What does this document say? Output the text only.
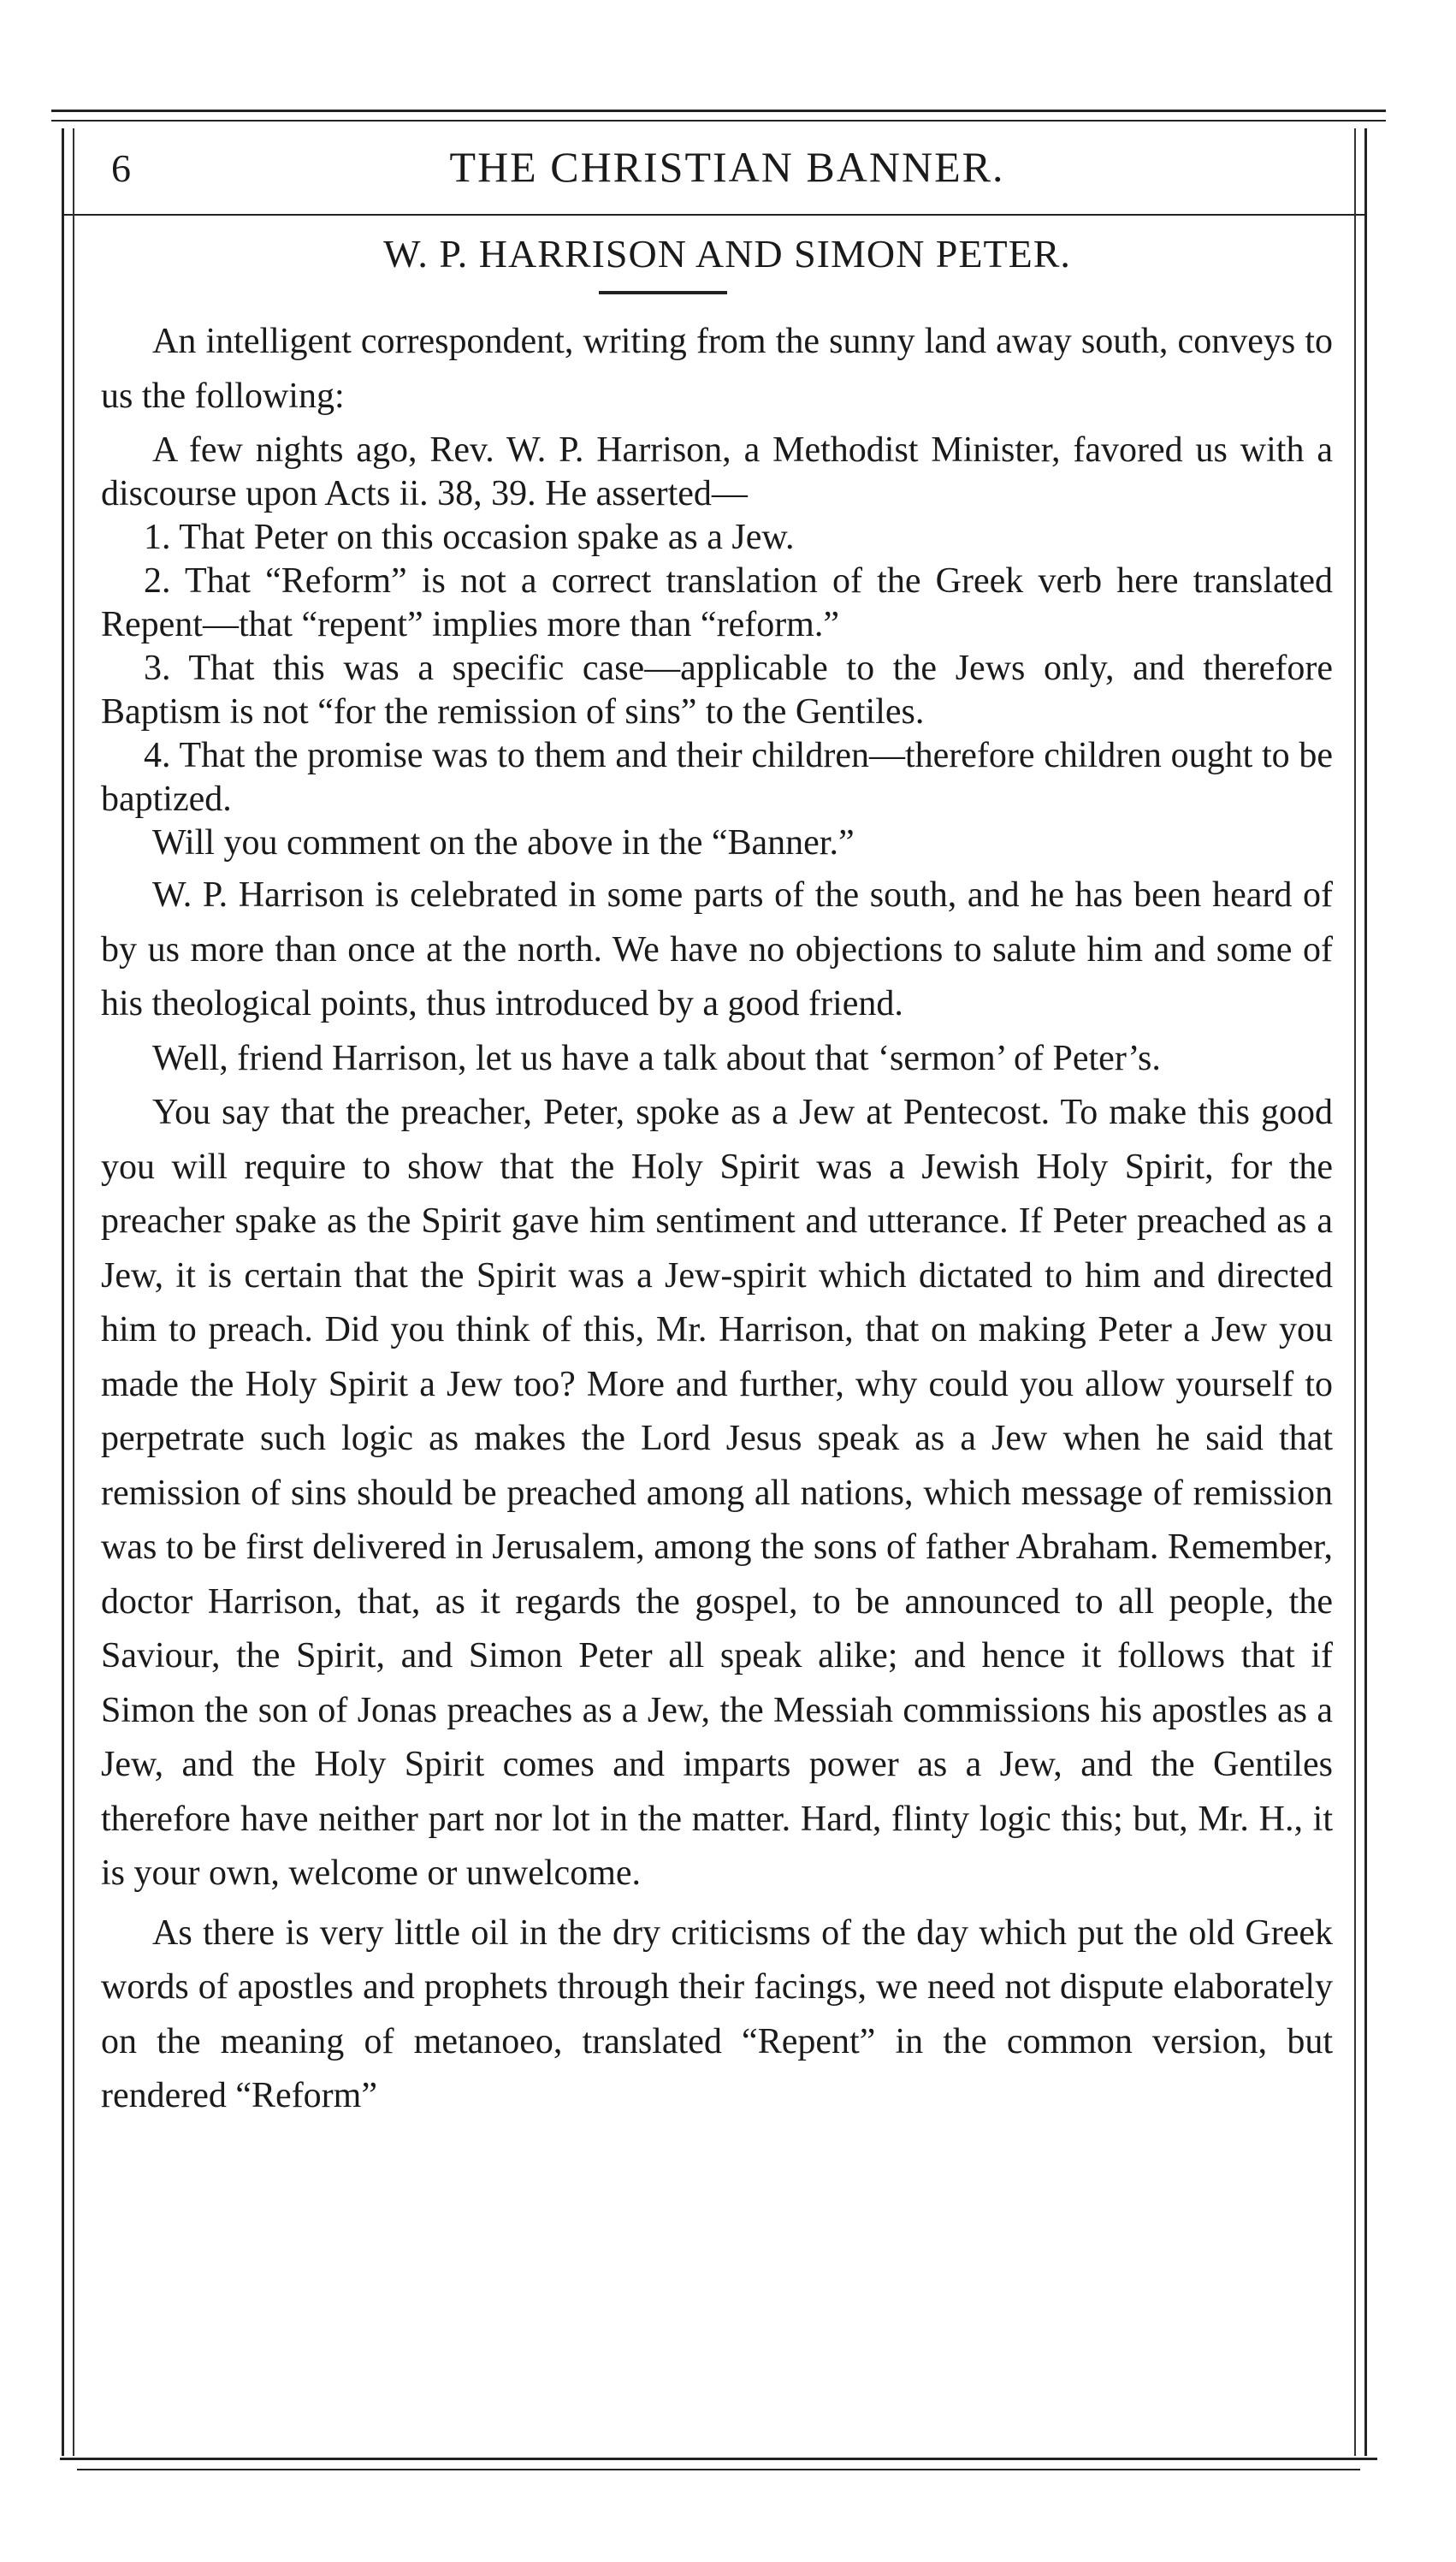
6	THE CHRISTIAN BANNER.
W. P. HARRISON AND SIMON PETER.

An intelligent correspondent, writing from the sunny land away south, conveys to us the following:

A few nights ago, Rev. W. P. Harrison, a Methodist Minister, favored us with a discourse upon Acts ii. 38, 39. He asserted—

1. That Peter on this occasion spake as a Jew.

2. That “Reform” is not a correct translation of the Greek verb here translated Repent—that “repent” implies more than “reform.”

3. That this was a specific case—applicable to the Jews only, and therefore Baptism is not “for the remission of sins” to the Gentiles.

4. That the promise was to them and their children—therefore children ought to be baptized.

Will you comment on the above in the “Banner.”

W. P. Harrison is celebrated in some parts of the south, and he has been heard of by us more than once at the north. We have no objections to salute him and some of his theological points, thus introduced by a good friend.

Well, friend Harrison, let us have a talk about that ‘sermon’ of Peter’s.

You say that the preacher, Peter, spoke as a Jew at Pentecost. To make this good you will require to show that the Holy Spirit was a Jewish Holy Spirit, for the preacher spake as the Spirit gave him sentiment and utterance. If Peter preached as a Jew, it is certain that the Spirit was a Jew-spirit which dictated to him and directed him to preach. Did you think of this, Mr. Harrison, that on making Peter a Jew you made the Holy Spirit a Jew too? More and further, why could you allow yourself to perpetrate such logic as makes the Lord Jesus speak as a Jew when he said that remission of sins should be preached among all nations, which message of remission was to be first delivered in Jerusalem, among the sons of father Abraham. Remember, doctor Harrison, that, as it regards the gospel, to be announced to all people, the Saviour, the Spirit, and Simon Peter all speak alike; and hence it follows that if Simon the son of Jonas preaches as a Jew, the Messiah commissions his apostles as a Jew, and the Holy Spirit comes and imparts power as a Jew, and the Gentiles therefore have neither part nor lot in the matter. Hard, flinty logic this; but, Mr. H., it is your own, welcome or unwelcome.

As there is very little oil in the dry criticisms of the day which put the old Greek words of apostles and prophets through their facings, we need not dispute elaborately on the meaning of metanoeo, translated “Repent” in the common version, but rendered “Reform”
